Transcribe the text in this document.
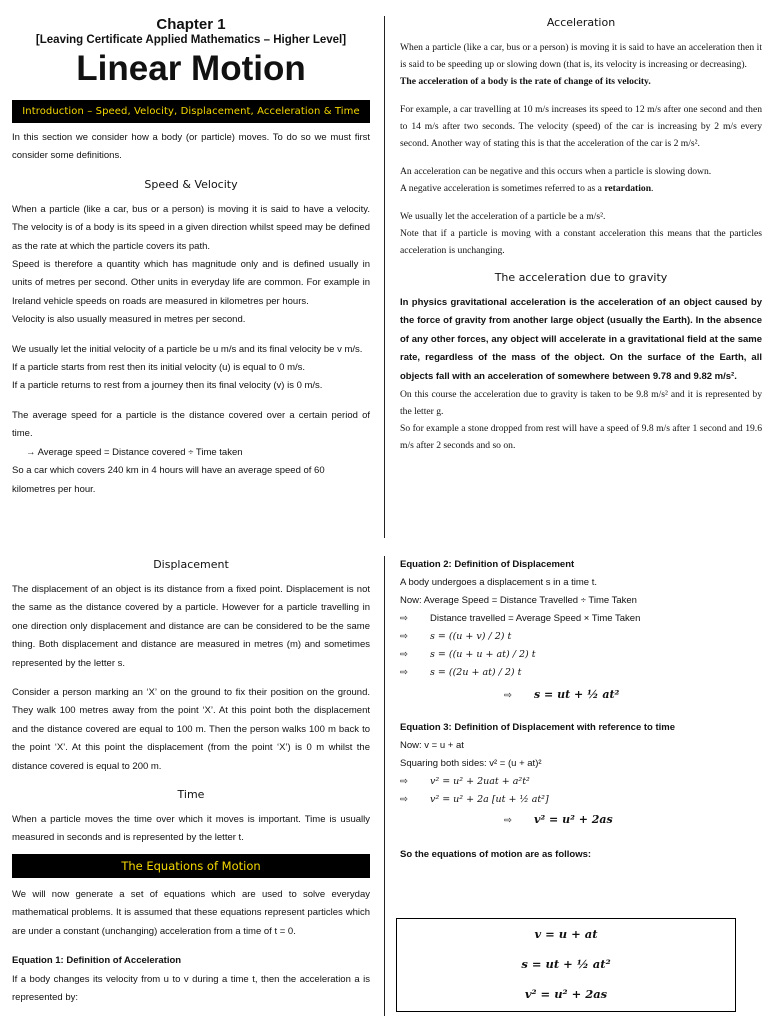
Chapter 1
[Leaving Certificate Applied Mathematics – Higher Level]
Linear Motion
Introduction – Speed, Velocity, Displacement, Acceleration & Time

In this section we consider how a body (or particle) moves. To do so we must first consider some definitions.

Speed & Velocity

When a particle (like a car, bus or a person) is moving it is said to have a velocity. The velocity is of a body is its speed in a given direction whilst speed may be defined as the rate at which the particle covers its path.

Speed is therefore a quantity which has magnitude only and is defined usually in units of metres per second. Other units in everyday life are common. For example in Ireland vehicle speeds on roads are measured in kilometres per hours.

Velocity is also usually measured in metres per second.

We usually let the initial velocity of a particle be u m/s and its final velocity be v m/s.

If a particle starts from rest then its initial velocity (u) is equal to 0 m/s.

If a particle returns to rest from a journey then its final velocity (v) is 0 m/s.

The average speed for a particle is the distance covered over a certain period of time.

→ Average speed = Distance covered ÷ Time taken

So a car which covers 240 km in 4 hours will have an average speed of 60 kilometres per hour.

Acceleration

When a particle (like a car, bus or a person) is moving it is said to have an acceleration then it is said to be speeding up or slowing down (that is, its velocity is increasing or decreasing).

The acceleration of a body is the rate of change of its velocity.

For example, a car travelling at 10 m/s increases its speed to 12 m/s after one second and then to 14 m/s after two seconds. The velocity (speed) of the car is increasing by 2 m/s every second. Another way of stating this is that the acceleration of the car is 2 m/s².

An acceleration can be negative and this occurs when a particle is slowing down.

A negative acceleration is sometimes referred to as a retardation.

We usually let the acceleration of a particle be a m/s².

Note that if a particle is moving with a constant acceleration this means that the particles acceleration is unchanging.

The acceleration due to gravity

In physics gravitational acceleration is the acceleration of an object caused by the force of gravity from another large object (usually the Earth). In the absence of any other forces, any object will accelerate in a gravitational field at the same rate, regardless of the mass of the object. On the surface of the Earth, all objects fall with an acceleration of somewhere between 9.78 and 9.82 m/s².

On this course the acceleration due to gravity is taken to be 9.8 m/s² and it is represented by the letter g.

So for example a stone dropped from rest will have a speed of 9.8 m/s after 1 second and 19.6 m/s after 2 seconds and so on.

Displacement

The displacement of an object is its distance from a fixed point. Displacement is not the same as the distance covered by a particle. However for a particle travelling in one direction only displacement and distance are can be considered to be the same thing. Both displacement and distance are measured in metres (m) and sometimes represented by the letter s.

Consider a person marking an ‘X’ on the ground to fix their position on the ground. They walk 100 metres away from the point ‘X’. At this point both the displacement and the distance covered are equal to 100 m. Then the person walks 100 m back to the point ‘X’. At this point the displacement (from the point ‘X’) is 0 m whilst the distance covered is equal to 200 m.

Time

When a particle moves the time over which it moves is important. Time is usually measured in seconds and is represented by the letter t.

The Equations of Motion

We will now generate a set of equations which are used to solve everyday mathematical problems. It is assumed that these equations represent particles which are under a constant (unchanging) acceleration from a time of t = 0.

Equation 1: Definition of Acceleration

If a body changes its velocity from u to v during a time t, then the acceleration a is represented by:

Equation 2: Definition of Displacement

A body undergoes a displacement s in a time t.

Now: Average Speed = Distance Travelled ÷ Time Taken

⇨ Distance travelled = Average Speed × Time Taken

⇨ s = ((u + v) / 2) t

⇨ s = ((u + u + at) / 2) t

⇨ s = ((2u + at) / 2) t

⇨ s = ut + ½ at²

Equation 3: Definition of Displacement with reference to time

Now: v = u + at

Squaring both sides: v² = (u + at)²

⇨ v² = u² + 2uat + a²t²

⇨ v² = u² + 2a [ut + ½ at²]

⇨ v² = u² + 2as

So the equations of motion are as follows:

v = u + at

s = ut + ½ at²

v² = u² + 2as
